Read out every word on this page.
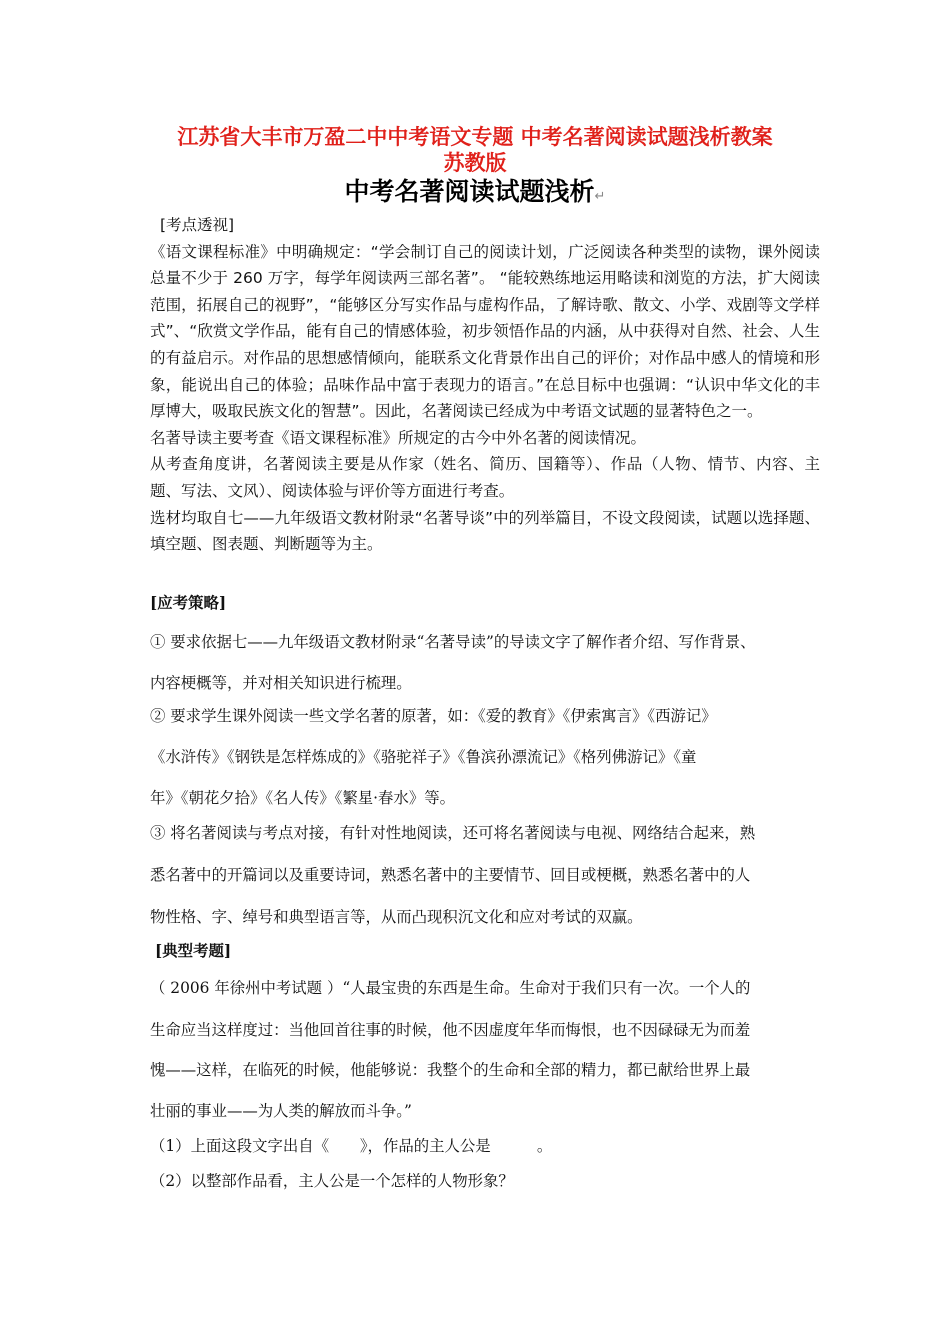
江苏省大丰市万盈二中中考语文专题 中考名著阅读试题浅析教案
苏教版
中考名著阅读试题浅析↵

[考点透视]

《语文课程标准》中明确规定：“学会制订自己的阅读计划，广泛阅读各种类型的读物，课外阅读总量不少于 260 万字，每学年阅读两三部名著”。 “能较熟练地运用略读和浏览的方法，扩大阅读范围，拓展自己的视野”，“能够区分写实作品与虚构作品，了解诗歌、散文、小学、戏剧等文学样式”、“欣赏文学作品，能有自己的情感体验，初步领悟作品的内涵，从中获得对自然、社会、人生的有益启示。对作品的思想感情倾向，能联系文化背景作出自己的评价；对作品中感人的情境和形象，能说出自己的体验；品味作品中富于表现力的语言。”在总目标中也强调：“认识中华文化的丰厚博大，吸取民族文化的智慧”。因此，名著阅读已经成为中考语文试题的显著特色之一。

名著导读主要考查《语文课程标准》所规定的古今中外名著的阅读情况。

从考查角度讲，名著阅读主要是从作家（姓名、简历、国籍等）、作品（人物、情节、内容、主题、写法、文风）、阅读体验与评价等方面进行考查。

选材均取自七——九年级语文教材附录“名著导谈”中的列举篇目，不设文段阅读，试题以选择题、填空题、图表题、判断题等为主。

[应考策略]
① 要求依据七——九年级语文教材附录“名著导读”的导读文字了解作者介绍、写作背景、
内容梗概等，并对相关知识进行梳理。
② 要求学生课外阅读一些文学名著的原著，如：《爱的教育》《伊索寓言》《西游记》
《水浒传》《钢铁是怎样炼成的》《骆驼祥子》《鲁滨孙漂流记》《格列佛游记》《童
年》《朝花夕拾》《名人传》《繁星·春水》等。
③ 将名著阅读与考点对接，有针对性地阅读，还可将名著阅读与电视、网络结合起来，熟
悉名著中的开篇词以及重要诗词，熟悉名著中的主要情节、回目或梗概，熟悉名著中的人
物性格、字、绰号和典型语言等，从而凸现积沉文化和应对考试的双赢。
[典型考题]
（ 2006 年徐州中考试题 ）“人最宝贵的东西是生命。生命对于我们只有一次。一个人的
生命应当这样度过：当他回首往事的时候，他不因虚度年华而悔恨，也不因碌碌无为而羞
愧——这样，在临死的时候，他能够说：我整个的生命和全部的精力，都已献给世界上最
壮丽的事业——为人类的解放而斗争。”
（1）上面这段文字出自《　　》，作品的主人公是　　　。
（2）以整部作品看，主人公是一个怎样的人物形象？
